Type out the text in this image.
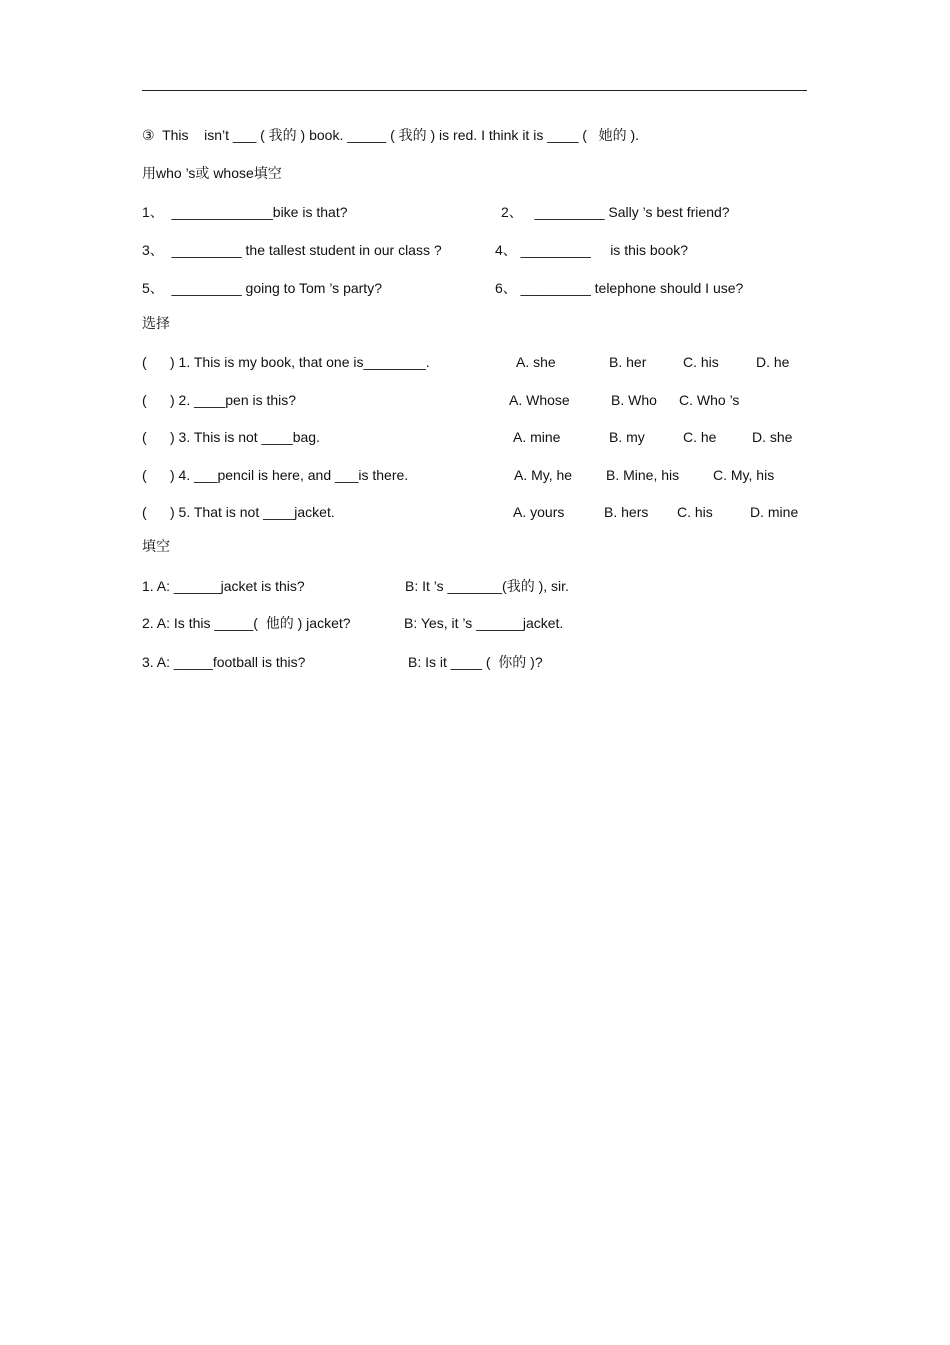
③  This    isn’t ___ ( 我的 ) book. _____ ( 我的 ) is red. I think it is ____ (   她的 ).
用who ’s或 whose填空
1、  _____________bike is that?	2、   _________ Sally ’s best friend?
3、  _________ the tallest student in our class ?	4、 _________     is this book?
5、  _________ going to Tom ’s party?	6、 _________ telephone should I use?
选择
(      ) 1. This is my book, that one is________.	A. she	B. her	C. his	D. he
(      ) 2. ____pen is this?	A. Whose	B. Who C. Who ’s
(      ) 3. This is not ____bag.	A. mine	B. my	C. he	D. she
(      ) 4. ___pencil is here, and ___is there.	A. My, he B. Mine, his C. My, his
(      ) 5. That is not ____jacket.	A. yours	B. hers C. his	D. mine
填空
1. A: ______jacket is this?	B: It ’s _______(我的 ), sir.
2. A: Is this _____(  他的 ) jacket?	B: Yes, it ’s ______jacket.
3. A: _____football is this?	B: Is it ____ (  你的 )?
